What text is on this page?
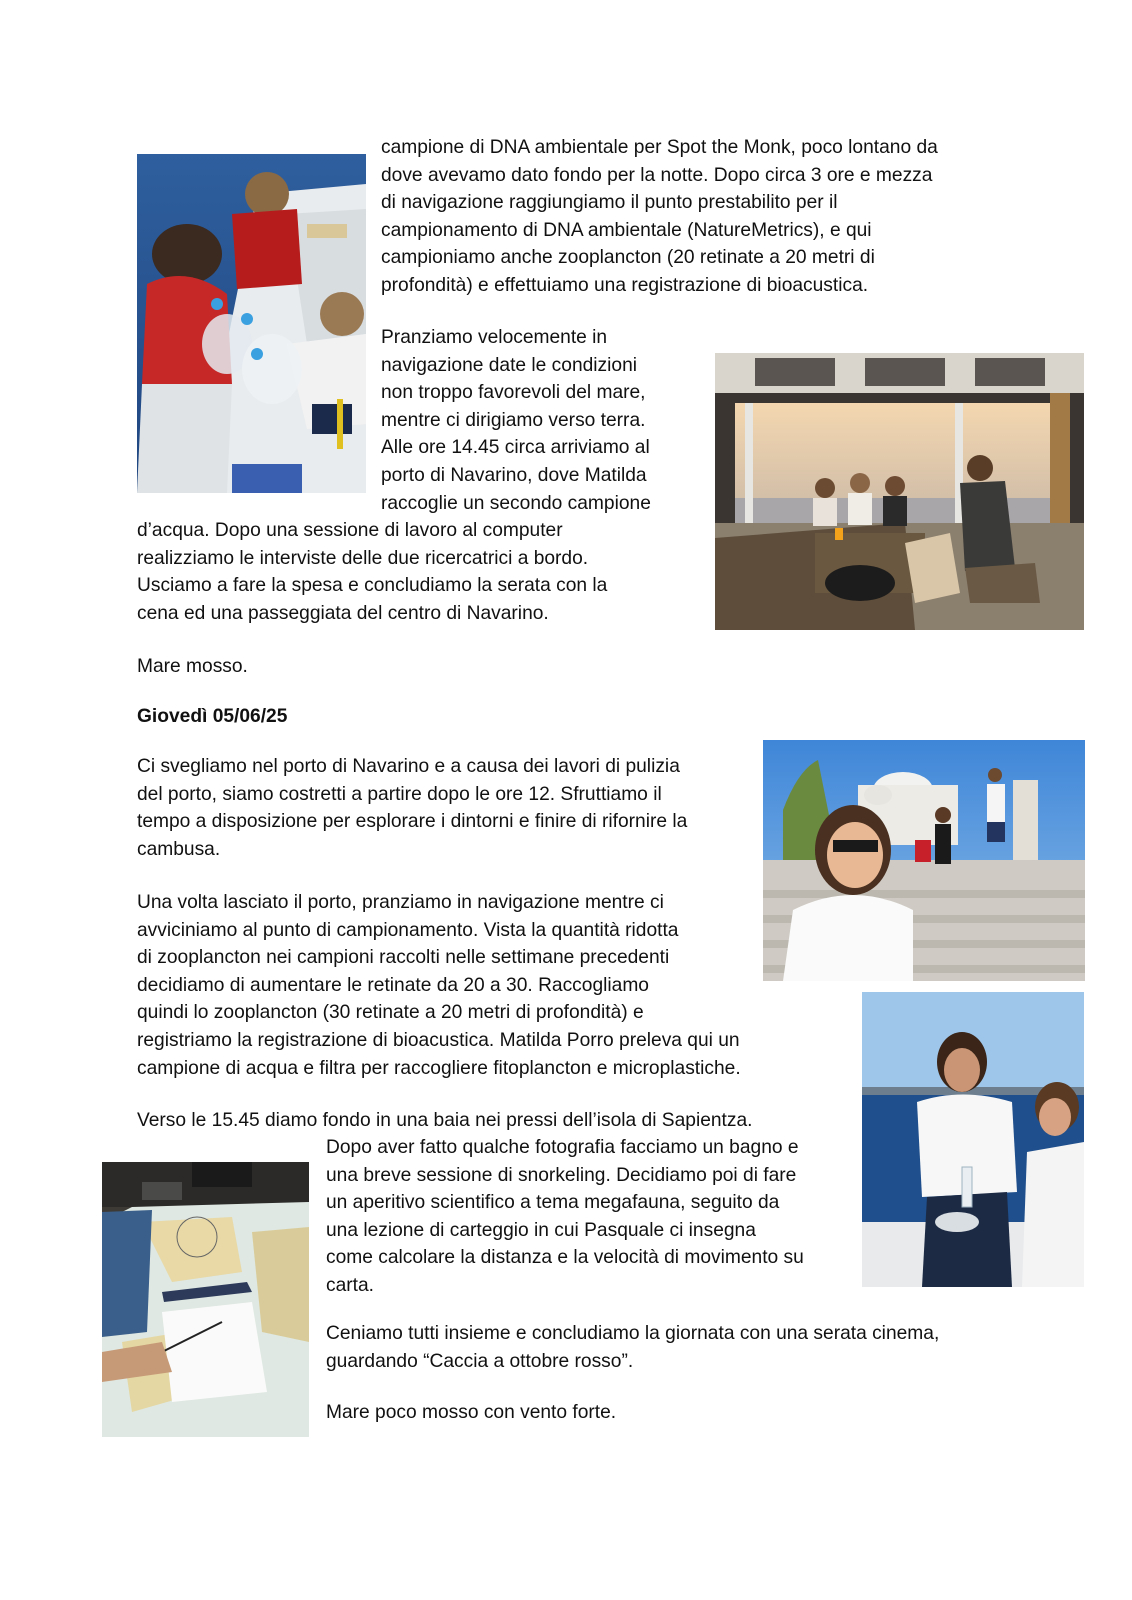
campione di DNA ambientale per Spot the Monk, poco lontano da
dove avevamo dato fondo per la notte. Dopo circa 3 ore e mezza
di navigazione raggiungiamo il punto prestabilito per il
campionamento di DNA ambientale (NatureMetrics), e qui
campioniamo anche zooplancton (20 retinate a 20 metri di
profondità) e effettuiamo una registrazione di bioacustica.
Pranziamo velocemente in
navigazione date le condizioni
non troppo favorevoli del mare,
mentre ci dirigiamo verso terra.
Alle ore 14.45 circa arriviamo al
porto di Navarino, dove Matilda
raccoglie un secondo campione
d’acqua. Dopo una sessione di lavoro al computer
realizziamo le interviste delle due ricercatrici a bordo.
Usciamo a fare la spesa e concludiamo la serata con la
cena ed una passeggiata del centro di Navarino.

Mare mosso.

Giovedì 05/06/25

Ci svegliamo nel porto di Navarino e a causa dei lavori di pulizia
del porto, siamo costretti a partire dopo le ore 12. Sfruttiamo il
tempo a disposizione per esplorare i dintorni e finire di rifornire la
cambusa.
Una volta lasciato il porto, pranziamo in navigazione mentre ci
avviciniamo al punto di campionamento. Vista la quantità ridotta
di zooplancton nei campioni raccolti nelle settimane precedenti
decidiamo di aumentare le retinate da 20 a 30. Raccogliamo
quindi lo zooplancton (30 retinate a 20 metri di profondità) e
registriamo la registrazione di bioacustica. Matilda Porro preleva qui un
campione di acqua e filtra per raccogliere fitoplancton e microplastiche.

Verso le 15.45 diamo fondo in una baia nei pressi dell’isola di Sapientza.

Dopo aver fatto qualche fotografia facciamo un bagno e
una breve sessione di snorkeling. Decidiamo poi di fare
un aperitivo scientifico a tema megafauna, seguito da
una lezione di carteggio in cui Pasquale ci insegna
come calcolare la distanza e la velocità di movimento su
carta.
Ceniamo tutti insieme e concludiamo la giornata con una serata cinema,
guardando “Caccia a ottobre rosso”.

Mare poco mosso con vento forte.
